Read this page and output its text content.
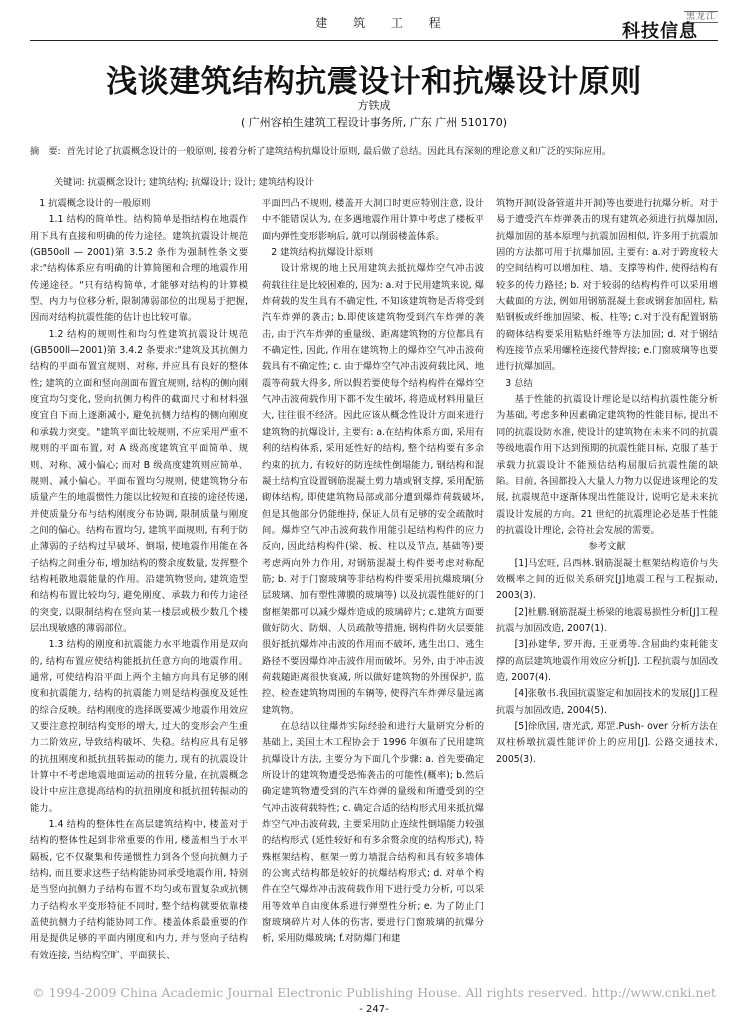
建 筑 工 程	黑龙江
科技信息
浅谈建筑结构抗震设计和抗爆设计原则
方铁成
( 广州容柏生建筑工程设计事务所, 广东 广州 510170)
摘　要: 首先讨论了抗震概念设计的一般原则, 接着分析了建筑结构抗爆设计原则, 最后做了总结。因此具有深刻的理论意义和广泛的实际应用。
关键词: 抗震概念设计; 建筑结构; 抗爆设计; 设计; 建筑结构设计

1 抗震概念设计的一般原则

1.1 结构的简单性。结构简单是指结构在地震作用下具有直接和明确的传力途径。建筑抗震设计规范(GB50oll — 2001)第 3.5.2 条作为强制性条文要求:"结构体系应有明确的计算简图和合理的地震作用传递途径。"只有结构简单, 才能够对结构的计算模型、内力与位移分析, 限制薄弱部位的出现易于把握, 因而对结构抗震性能的估计也比较可靠。

1.2 结构的规则性和均匀性建筑抗震设计规范(GB500ll—2001)第 3.4.2 条要求:"建筑及其抗侧力结构的平面布置宜规则、对称, 并应具有良好的整体性; 建筑的立面和竖向剖面布置宜规则, 结构的侧向刚度宜均匀变化, 竖向抗侧力构件的截面尺寸和材料强度宜自下而上逐渐减小, 避免抗侧力结构的侧向刚度和承载力突变。"建筑平面比较规则, 不应采用严重不规则的平面布置, 对 A 级高度建筑宜平面简单、规则、对称、减小偏心; 而对 B 级高度建筑则应简单、规则、减小偏心。平面布置均匀规则, 使建筑物分布质量产生的地震惯性力能以比较短和直接的途径传递, 并使质量分布与结构刚度分布协调, 限制质量与刚度之间的偏心。结构布置均匀, 建筑平面规则, 有利于防止薄弱的子结构过早破坏、倒塌, 使地震作用能在各子结构之间重分布, 增加结构的赘余度数量, 发挥整个结构耗散地震能量的作用。沿建筑物竖向, 建筑造型和结构布置比较均匀, 避免刚度、承载力和传力途径的突变, 以限制结构在竖向某一楼层或极少数几个楼层出现敏感的薄弱部位。

1.3 结构的刚度和抗震能力水平地震作用是双向的, 结构布置应使结构能抵抗任意方向的地震作用。通常, 可使结构沿平面上两个主轴方向具有足够的刚度和抗震能力, 结构的抗震能力则是结构强度及延性的综合反映。结构刚度的选择既要减少地震作用效应又要注意控制结构变形的增大, 过大的变形会产生重力二阶效应, 导致结构破坏、失稳。结构应具有足够的抗扭刚度和抵抗扭转振动的能力, 现有的抗震设计计算中不考虑地震地面运动的扭转分量, 在抗震概念设计中应注意提高结构的抗扭刚度和抵抗扭转振动的能力。

1.4 结构的整体性在高层建筑结构中, 楼盖对于结构的整体性起到非常重要的作用, 楼盖相当于水平隔板, 它不仅聚集和传递惯性力到各个竖向抗侧力子结构, 而且要求这些子结构能协同承受地震作用, 特别是当竖向抗侧力子结构布置不均匀或布置复杂或抗侧力子结构水平变形特征不同时, 整个结构就要依靠楼盖使抗侧力子结构能协同工作。楼盖体系最重要的作用是提供足够的平面内刚度和内力, 并与竖向子结构有效连接, 当结构空旷、平面狭长、

平面凹凸不规则, 楼盖开大洞口时更应特别注意, 设计中不能错误认为, 在多遇地震作用计算中考虑了楼板平面内弹性变形影响后, 就可以削弱楼盖体系。

2 建筑结构抗爆设计原则

设计常规的地上民用建筑去抵抗爆炸空气冲击波荷载往往是比较困难的, 因为: a.对于民用建筑来说, 爆炸荷载的发生具有不确定性, 不知该建筑物是否将受到汽车炸弹的袭击; b.即使该建筑物受到汽车炸弹的袭击, 由于汽车炸弹的重量级、距离建筑物的方位都具有不确定性, 因此, 作用在建筑物上的爆炸空气冲击波荷载具有不确定性; c. 由于爆炸空气冲击波荷载比风、地震等荷载大得多, 所以假若要使每个结构构件在爆炸空气冲击波荷载作用下都不发生破坏, 将造成材料用量巨大, 往往很不经济。因此应该从概念性设计方面来进行建筑物的抗爆设计, 主要有: a.在结构体系方面, 采用有利的结构体系, 采用延性好的结构, 整个结构要有多余约束的抗力, 有较好的防连续性倒塌能力, 钢结构和混凝土结构宜设置钢筋混凝土剪力墙或钢支撑, 采用配筋砌体结构, 即使建筑物局部或部分遭到爆炸荷载破坏, 但是其他部分仍能维持, 保证人员有足够的安全疏散时间。爆炸空气冲击波荷载作用能引起结构构件的应力反向, 因此结构构件(梁、板、柱以及节点, 基础等)要考虑两向外力作用, 对钢筋混凝土构件要考虑对称配筋; b. 对于门窗玻璃等非结构构件要采用抗爆玻璃(分层玻璃、加有塑性薄膜的玻璃等) 以及抗震性能好的门窗框架都可以减少爆炸造成的玻璃碎片; c.建筑方面要做好防火、防烟、人员疏散等措施, 钢构件防火层要能很好抵抗爆炸冲击波的作用而不破坏, 逃生出口、逃生路径不要因爆炸冲击波作用而破坏。另外, 由于冲击波荷载随距离很快衰减, 所以做好建筑物的外围保护, 监控、检查建筑物周围的车辆等, 使得汽车炸弹尽量远离建筑物。

在总结以往爆炸实际经验和进行大量研究分析的基础上, 美国土木工程协会于 1996 年颁布了民用建筑抗爆设计方法, 主要分为下面几个步骤: a. 首先要确定所设计的建筑物遭受恐怖袭击的可能性(概率); b.然后确定建筑物遭受到的汽车炸弹的量级和所遭受到的空气冲击波荷载特性; c. 确定合适的结构形式用来抵抗爆炸空气冲击波荷载, 主要采用防止连续性倒塌能力较强的结构形式 (延性较好和有多余赘余度的结构形式), 特殊框架结构、框架一剪力墙混合结构和具有较多墙体的公寓式结构都是较好的抗爆结构形式; d. 对单个构件在空气爆炸冲击波荷载作用下进行受力分析, 可以采用等效单自由度体系进行弹塑性分析; e. 为了防止门窗玻璃碎片对人体的伤害, 要进行门窗玻璃的抗爆分析, 采用防爆玻璃; f.对防爆门和建

筑物开洞(设备管道井开洞)等也要进行抗爆分析。对于易于遭受汽车炸弹袭击的现有建筑必须进行抗爆加固, 抗爆加固的基本原理与抗震加固相似, 许多用于抗震加固的方法都可用于抗爆加固, 主要有: a.对于跨度较大的空间结构可以增加柱、墙、支撑等构件, 使得结构有较多的传力路径; b. 对于较弱的结构构件可以采用增大截面的方法, 例如用钢筋混凝土套或钢套加固柱, 粘贴钢板或纤维加固梁、板、柱等; c.对于没有配置钢筋的砌体结构要采用粘贴纤维等方法加固; d. 对于钢结构连接节点采用螺栓连接代替焊接; e.门窗玻璃等也要进行抗爆加固。

3 总结

基于性能的抗震设计理论是以结构抗震性能分析为基础, 考虑多种因素确定建筑物的性能目标, 提出不同的抗震设防水准, 使设计的建筑物在未来不同的抗震等级地震作用下达到预期的抗震性能目标, 克服了基于承载力抗震设计不能预估结构屈服后抗震性能的缺陷。目前, 各国都投入大量人力物力以促进该理论的发展, 抗震规范中逐渐体现出性能设计, 说明它是未来抗震设计发展的方向。21 世纪的抗震理论必是基于性能的抗震设计理论, 会符社会发展的需要。

参考文献

[1]马宏旺, 吕西林.钢筋混凝土框架结构造价与失效概率之间的近似关系研究[J]地震工程与工程振动, 2003(3).

[2]杜鹏.钢筋混凝土桥梁的地震易损性分析[J]工程抗震与加固改造, 2007(1).

[3]孙建华, 罗开海, 王亚勇等.含屈曲约束耗能支撑的高层建筑地震作用效应分析[J]. 工程抗震与加固改造, 2007(4).

[4]张敬书.我国抗震鉴定和加固技术的发展[J]工程抗震与加固改造, 2004(5).

[5]徐欣国, 唐光武, 郑罡.Push- over 分析方法在双柱桥墩抗震性能评价上的应用[J]. 公路交通技术, 2005(3).

© 1994-2009 China Academic Journal Electronic Publishing House. All rights reserved. http://www.cnki.net
- 247-
